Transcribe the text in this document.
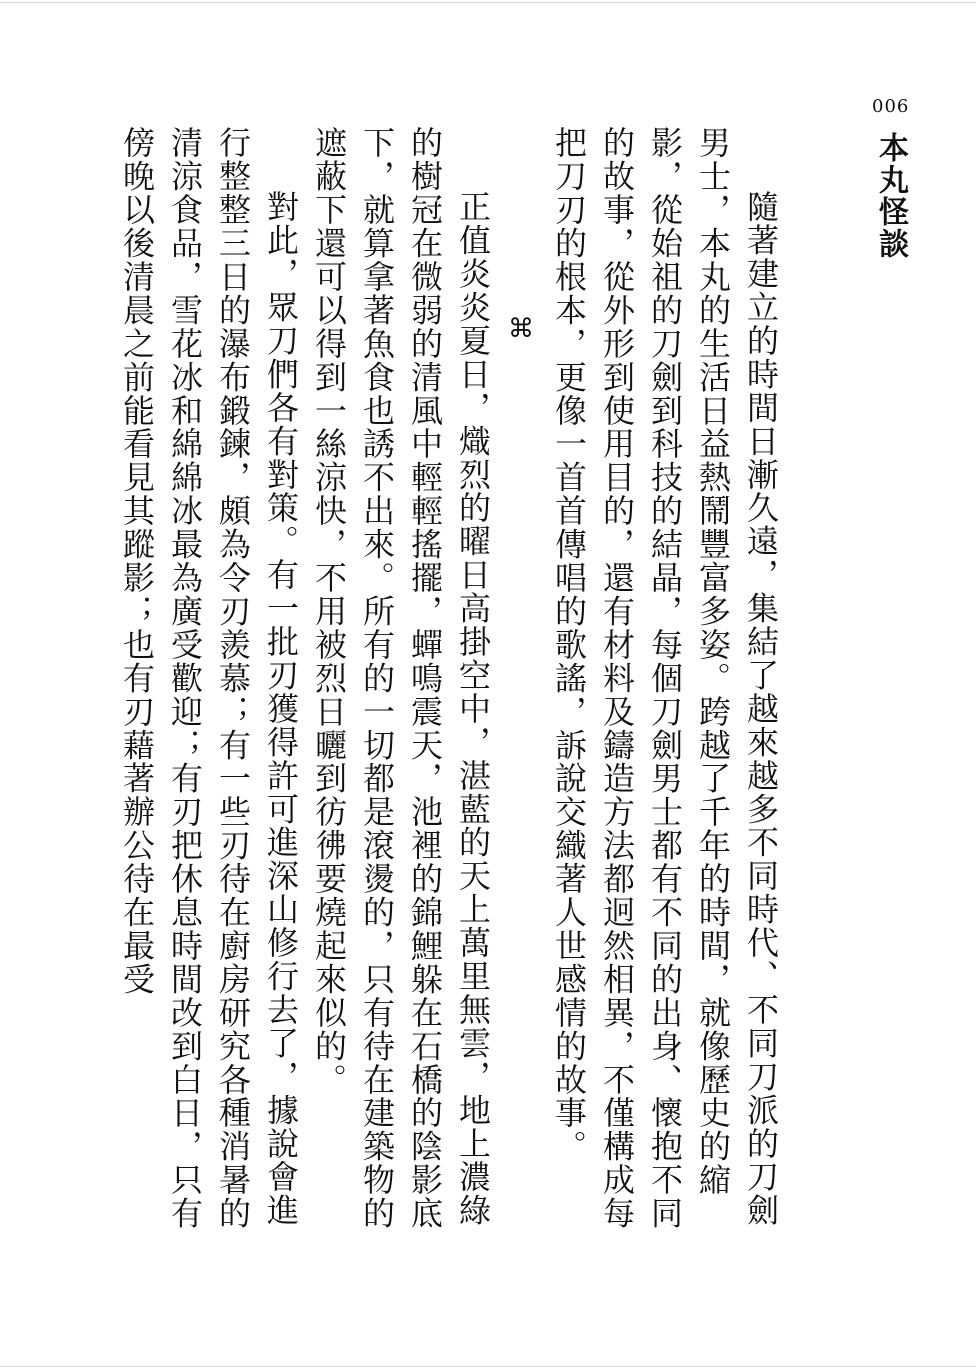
006
本丸怪談

隨著建立的時間日漸久遠，集結了越來越多不同時代、不同刀派的刀劍男士，本丸的生活日益熱鬧豐富多姿。跨越了千年的時間，就像歷史的縮影，從始祖的刀劍到科技的結晶，每個刀劍男士都有不同的出身、懷抱不同的故事，從外形到使用目的，還有材料及鑄造方法都迥然相異，不僅構成每把刀刃的根本，更像一首首傳唱的歌謠，訴說交織著人世感情的故事。

⌘

正值炎炎夏日，熾烈的曜日高掛空中，湛藍的天上萬里無雲，地上濃綠的樹冠在微弱的清風中輕輕搖擺，蟬鳴震天，池裡的錦鯉躲在石橋的陰影底下，就算拿著魚食也誘不出來。所有的一切都是滾燙的，只有待在建築物的遮蔽下還可以得到一絲涼快，不用被烈日曬到彷彿要燒起來似的。

對此，眾刀們各有對策。有一批刃獲得許可進深山修行去了，據說會進行整整三日的瀑布鍛鍊，頗為令刃羨慕；有一些刃待在廚房研究各種消暑的清涼食品，雪花冰和綿綿冰最為廣受歡迎；有刃把休息時間改到白日，只有傍晚以後清晨之前能看見其蹤影；也有刃藉著辦公待在最受
